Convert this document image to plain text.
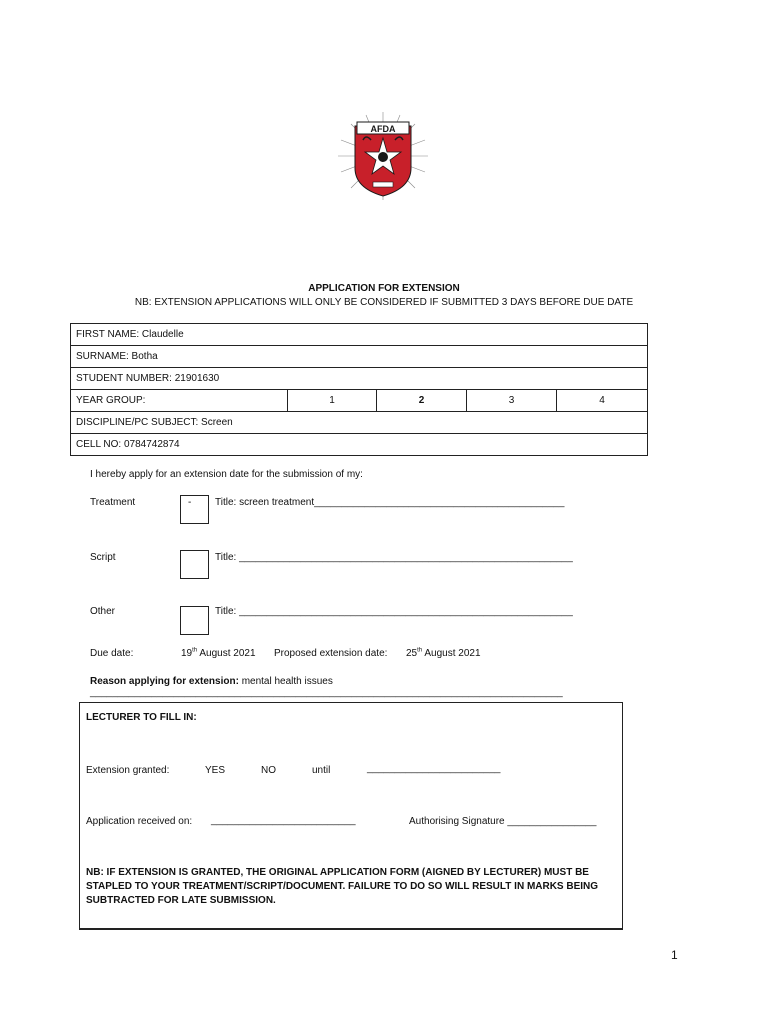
AFDA
APPLICATION FOR EXTENSION
NB: EXTENSION APPLICATIONS WILL ONLY BE CONSIDERED IF SUBMITTED 3 DAYS BEFORE DUE DATE
FIRST NAME: Claudelle
SURNAME: Botha
STUDENT NUMBER: 21901630
YEAR GROUP:	1	2	3	4
DISCIPLINE/PC SUBJECT: Screen
CELL NO: 0784742874
I hereby apply for an extension date for the submission of my:
Treatment	- Title: screen treatment_____________________________________________
Script	Title: ____________________________________________________________
Other	Title: ____________________________________________________________
Due date:	19th August 2021 Proposed extension date: 25th August 2021
Reason applying for extension: mental health issues
_____________________________________________________________________________________
LECTURER TO FILL IN:
Extension granted:	YES	NO	until	________________________
Application received on: __________________________	Authorising Signature ________________
NB: IF EXTENSION IS GRANTED, THE ORIGINAL APPLICATION FORM (AIGNED BY LECTURER) MUST BE STAPLED TO YOUR TREATMENT/SCRIPT/DOCUMENT. FAILURE TO DO SO WILL RESULT IN MARKS BEING SUBTRACTED FOR LATE SUBMISSION.
1
